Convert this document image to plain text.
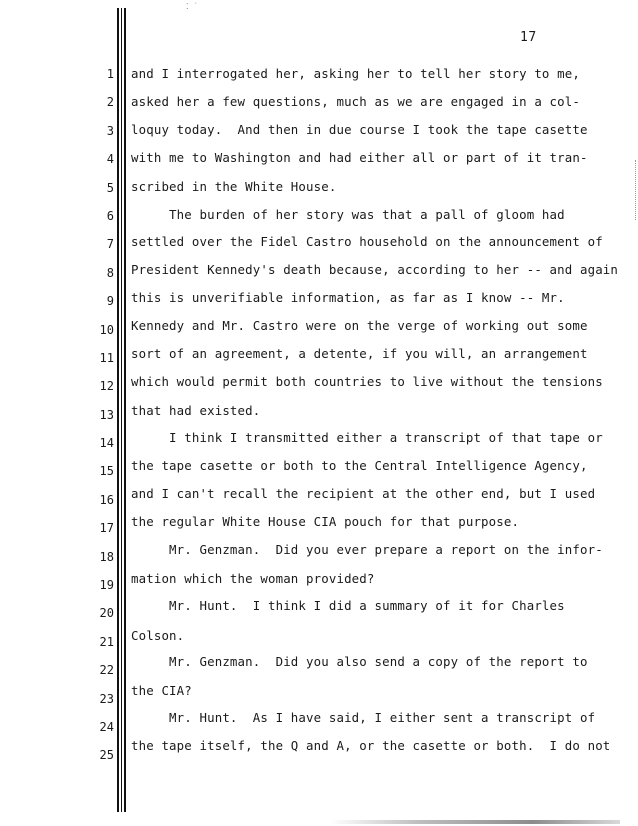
⁚ ˙
17
1
2
3
4
5
6
7
8
9
10
11
12
13
14
15
16
17
18
19
20
21
22
23
24
25
and I interrogated her, asking her to tell her story to me,
asked her a few questions, much as we are engaged in a col-
loquy today.  And then in due course I took the tape casette
with me to Washington and had either all or part of it tran-
scribed in the White House.
The burden of her story was that a pall of gloom had
settled over the Fidel Castro household on the announcement of
President Kennedy's death because, according to her -- and again
this is unverifiable information, as far as I know -- Mr.
Kennedy and Mr. Castro were on the verge of working out some
sort of an agreement, a detente, if you will, an arrangement
which would permit both countries to live without the tensions
that had existed.
I think I transmitted either a transcript of that tape or
the tape casette or both to the Central Intelligence Agency,
and I can't recall the recipient at the other end, but I used
the regular White House CIA pouch for that purpose.
Mr. Genzman.  Did you ever prepare a report on the infor-
mation which the woman provided?
Mr. Hunt.  I think I did a summary of it for Charles
Colson.
Mr. Genzman.  Did you also send a copy of the report to
the CIA?
Mr. Hunt.  As I have said, I either sent a transcript of
the tape itself, the Q and A, or the casette or both.  I do not
